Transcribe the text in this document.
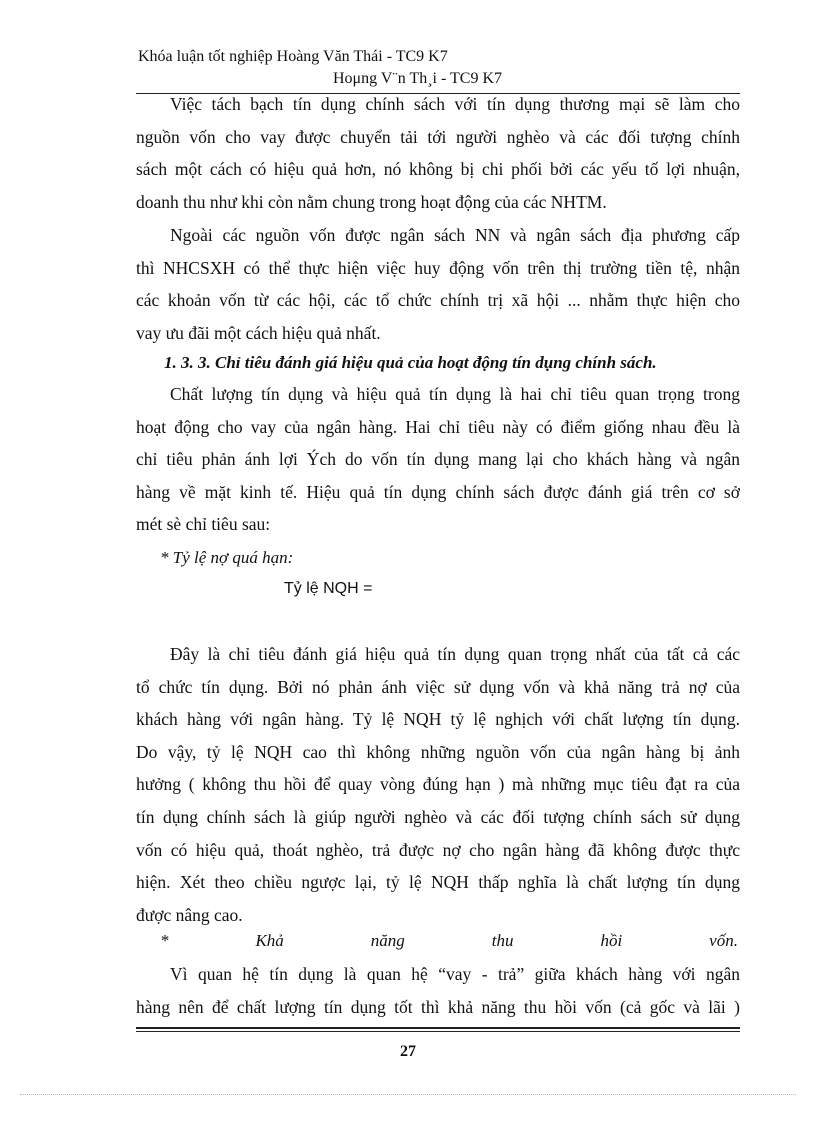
Khóa luận tốt nghiệp Hoàng Văn Thái - TC9 K7
Hoμng V¨n Th¸i - TC9 K7
Việc tách bạch tín dụng chính sách với tín dụng thương mại sẽ làm cho
nguồn vốn cho vay được chuyển tải tới người nghèo và các đối tượng chính
sách một cách có hiệu quả hơn, nó không bị chi phối bởi các yếu tố lợi nhuận,
doanh thu như khi còn nằm chung trong hoạt động của các NHTM.
Ngoài các nguồn vốn được ngân sách NN và ngân sách địa phương cấp
thì NHCSXH có thể thực hiện việc huy động vốn trên thị trường tiền tệ, nhận
các khoản vốn từ các hội, các tổ chức chính trị xã hội ... nhằm thực hiện cho
vay ưu đãi một cách hiệu quả nhất.
1. 3. 3. Chỉ tiêu đánh giá hiệu quả của hoạt động tín dụng chính sách.
Chất lượng tín dụng và hiệu quả tín dụng là hai chỉ tiêu quan trọng trong
hoạt động cho vay của ngân hàng. Hai chỉ tiêu này có điểm giống nhau đều là
chỉ tiêu phản ánh lợi Ých do vốn tín dụng mang lại cho khách hàng và ngân
hàng về mặt kinh tế. Hiệu quả tín dụng chính sách được đánh giá trên cơ sở
mét sè chỉ tiêu sau:
* Tỷ lệ nợ quá hạn:
Tỷ lệ NQH =
Đây là chỉ tiêu đánh giá hiệu quả tín dụng quan trọng nhất của tất cả các
tổ chức tín dụng. Bởi nó phản ánh việc sử dụng vốn và khả năng trả nợ của
khách hàng với ngân hàng. Tỷ lệ NQH tỷ lệ nghịch với chất lượng tín dụng.
Do vậy, tỷ lệ NQH cao thì không những nguồn vốn của ngân hàng bị ảnh
hưởng ( không thu hồi để quay vòng đúng hạn ) mà những mục tiêu đạt ra của
tín dụng chính sách là giúp người nghèo và các đối tượng chính sách sử dụng
vốn có hiệu quả, thoát nghèo, trả được nợ cho ngân hàng đã không được thực
hiện. Xét theo chiều ngược lại, tỷ lệ NQH thấp nghĩa là chất lượng tín dụng
được nâng cao.
*	Khả	năng	thu	hồi	vốn.
Vì quan hệ tín dụng là quan hệ “vay - trả” giữa khách hàng với ngân
hàng nên để chất lượng tín dụng tốt thì khả năng thu hồi vốn (cả gốc và lãi )
27
